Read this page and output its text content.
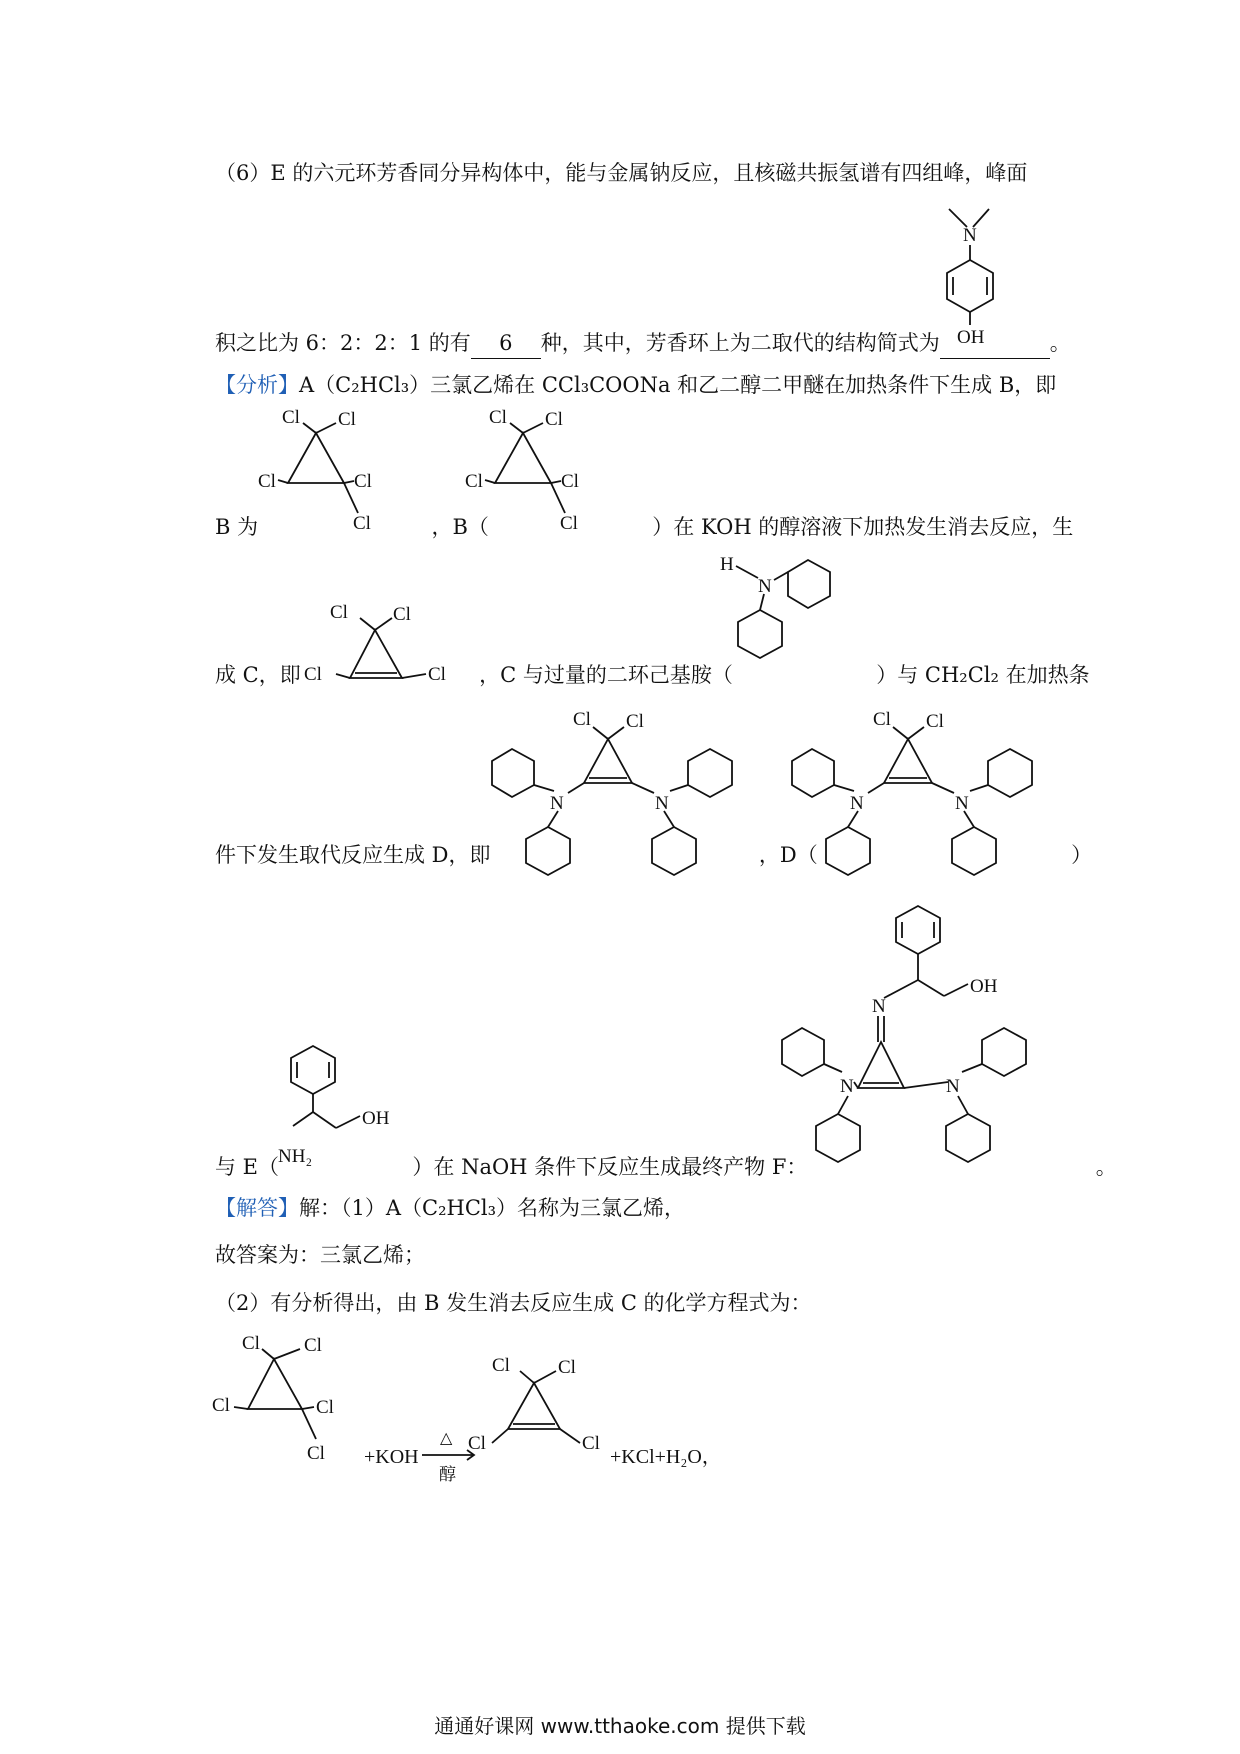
（6）E 的六元环芳香同分异构体中，能与金属钠反应，且核磁共振氢谱有四组峰，峰面
N
OH
积之比为 6：2：2：1 的有 6 种，其中，芳香环上为二取代的结构简式为	。
【分析】A（C₂HCl₃）三氯乙烯在 CCl₃COONa 和乙二醇二甲醚在加热条件下生成 B，即
Cl Cl
Cl	Cl
Cl
Cl Cl
Cl	Cl
Cl
B 为	，B（	）在 KOH 的醇溶液下加热发生消去反应，生
H
N
Cl Cl
Cl	Cl
成 C，即	，C 与过量的二环己基胺（	）与 CH₂Cl₂ 在加热条
Cl Cl
N	N
Cl Cl
N	N
件下发生取代反应生成 D，即	，D（	）
OH
NH₂
OH
N
N	N
与 E（	）在 NaOH 条件下反应生成最终产物 F：	。
【解答】解：（1）A（C₂HCl₃）名称为三氯乙烯，
故答案为：三氯乙烯；
（2）有分析得出，由 B 发生消去反应生成 C 的化学方程式为：
Cl Cl
Cl	Cl
Cl +KOH
△
醇
Cl	Cl
Cl	Cl
+KCl+H₂O，
通通好课网 www.tthaoke.com 提供下载
